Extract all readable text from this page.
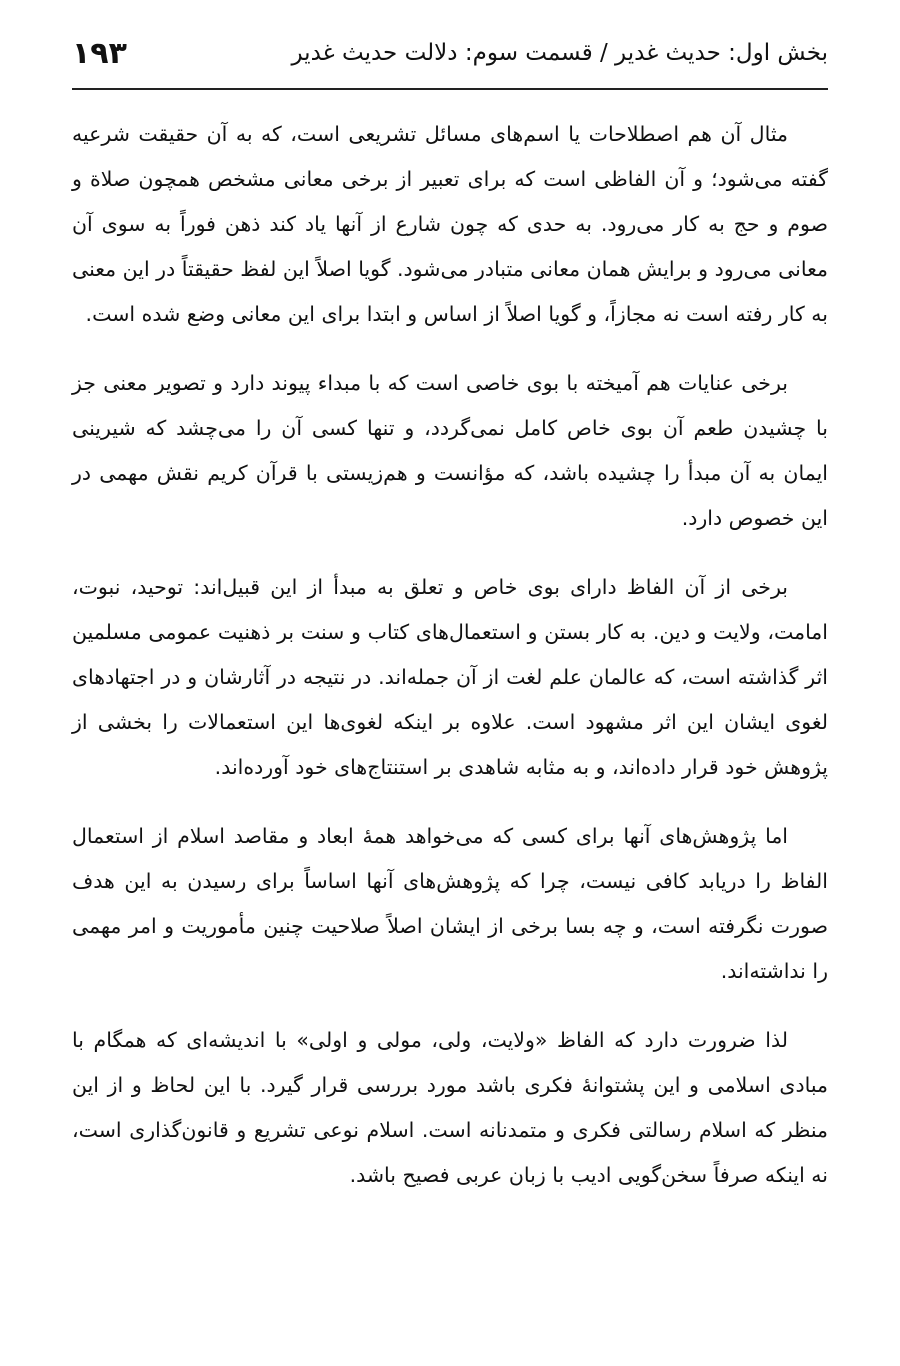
بخش اول: حدیث غدیر / قسمت سوم: دلالت حدیث غدیر
۱۹۳

مثال آن هم اصطلاحات یا اسم‌های مسائل تشریعی است، که به آن حقیقت شرعیه گفته می‌شود؛ و آن الفاظی است که برای تعبیر از برخی معانی مشخص همچون صلاة و صوم و حج به کار می‌رود. به حدی که چون شارع از آنها یاد کند ذهن فوراً به سوی آن معانی می‌رود و برایش همان معانی متبادر می‌شود. گویا اصلاً این لفظ حقیقتاً در این معنی به کار رفته است نه مجازاً، و گویا اصلاً از اساس و ابتدا برای این معانی وضع شده است.

برخی عنایات هم آمیخته با بوی خاصی است که با مبداء پیوند دارد و تصویر معنی جز با چشیدن طعم آن بوی خاص کامل نمی‌گردد، و تنها کسی آن را می‌چشد که شیرینی ایمان به آن مبدأ را چشیده باشد، که مؤانست و هم‌زیستی با قرآن کریم نقش مهمی در این خصوص دارد.

برخی از آن الفاظ دارای بوی خاص و تعلق به مبدأ از این قبیل‌اند: توحید، نبوت، امامت، ولایت و دین. به کار بستن و استعمال‌های کتاب و سنت بر ذهنیت عمومی مسلمین اثر گذاشته است، که عالمان علم لغت از آن جمله‌اند. در نتیجه در آثارشان و در اجتهادهای لغوی ایشان این اثر مشهود است. علاوه بر اینکه لغوی‌ها این استعمالات را بخشی از پژوهش خود قرار داده‌اند، و به مثابه شاهدی بر استنتاج‌های خود آورده‌اند.

اما پژوهش‌های آنها برای کسی که می‌خواهد همهٔ ابعاد و مقاصد اسلام از استعمال الفاظ را دریابد کافی نیست، چرا که پژوهش‌های آنها اساساً برای رسیدن به این هدف صورت نگرفته است، و چه بسا برخی از ایشان اصلاً صلاحیت چنین مأموریت و امر مهمی را نداشته‌اند.

لذا ضرورت دارد که الفاظ «ولایت، ولی، مولی و اولی» با اندیشه‌ای که همگام با مبادی اسلامی و این پشتوانهٔ فکری باشد مورد بررسی قرار گیرد. با این لحاظ و از این منظر که اسلام رسالتی فکری و متمدنانه است. اسلام نوعی تشریع و قانون‌گذاری است، نه اینکه صرفاً سخن‌گویی ادیب با زبان عربی فصیح باشد.
